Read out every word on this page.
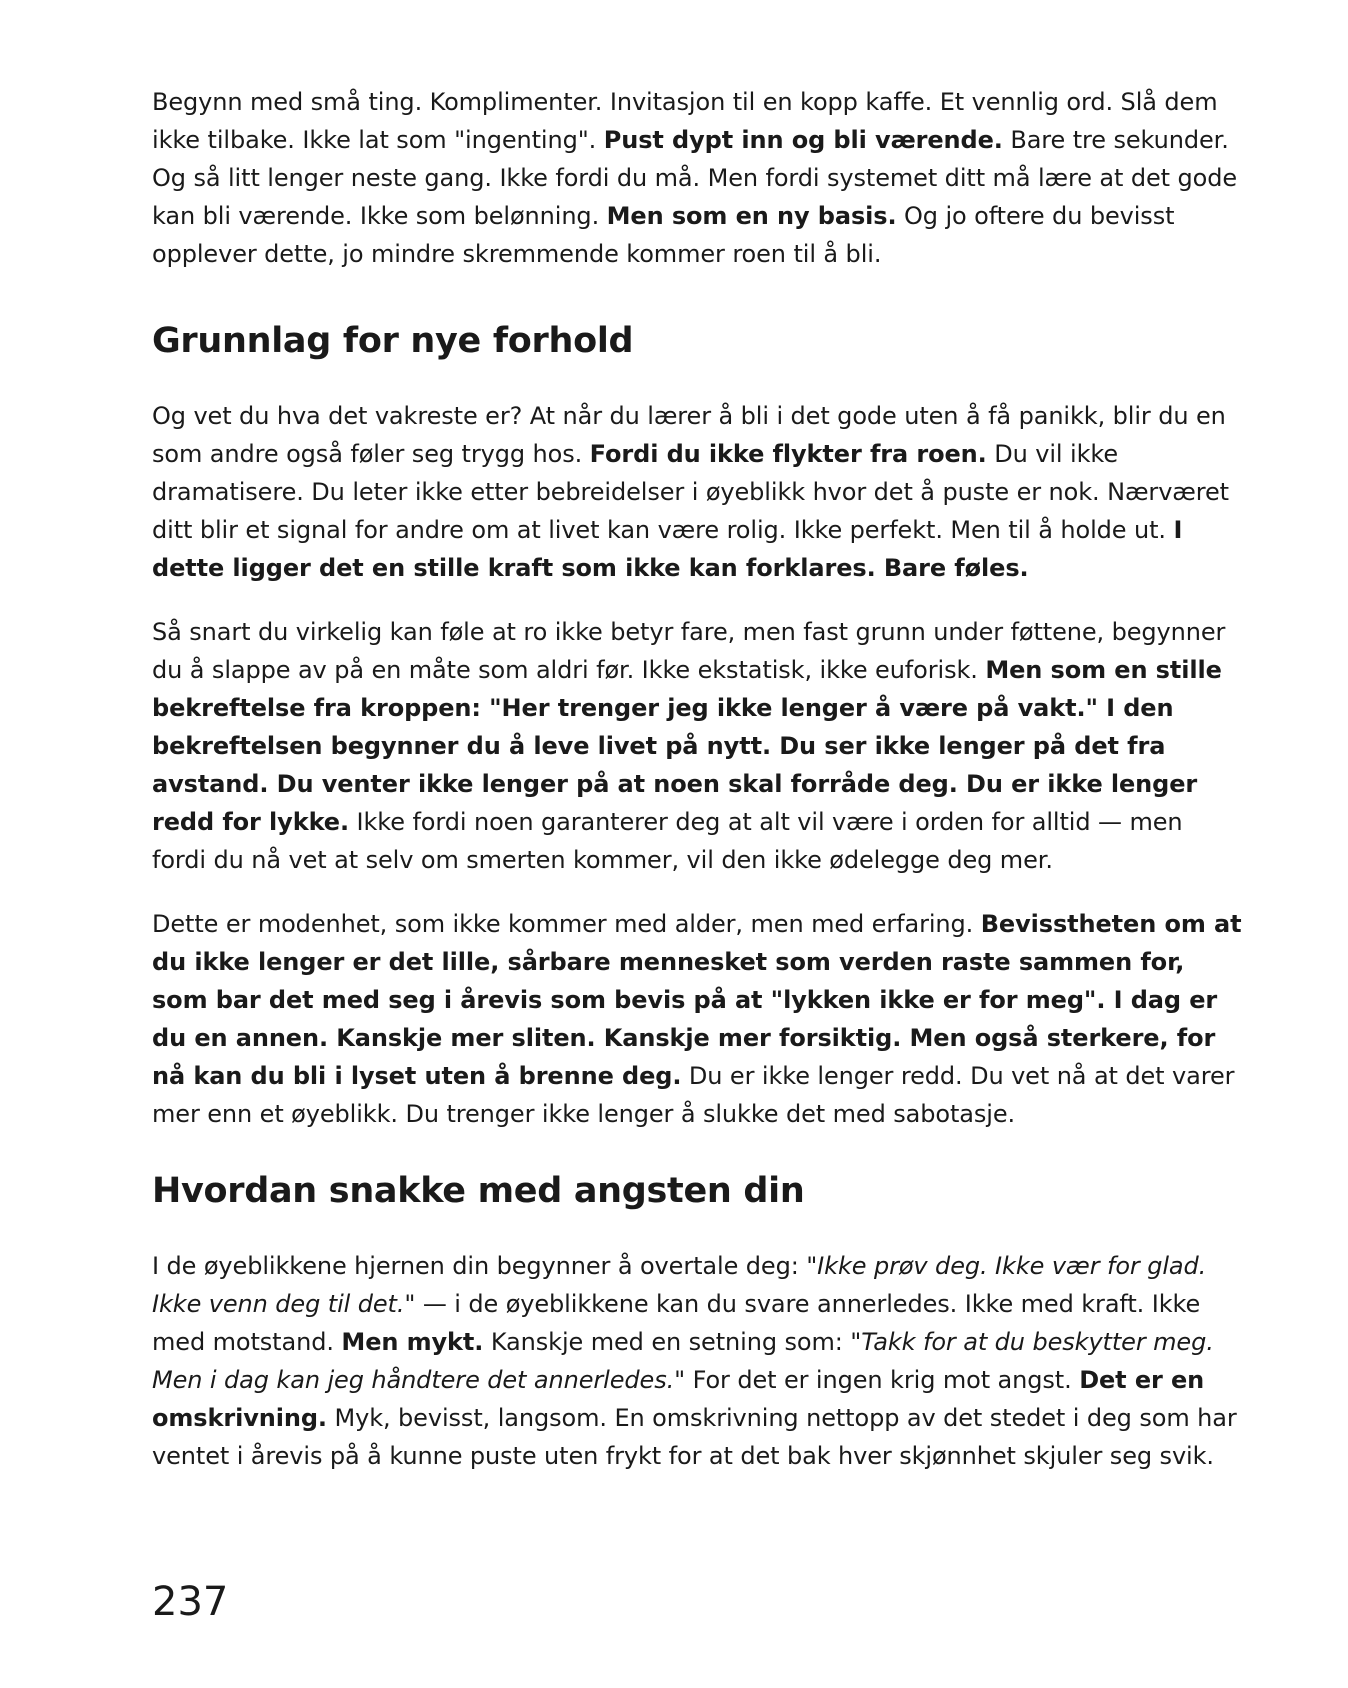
Begynn med små ting. Komplimenter. Invitasjon til en kopp kaffe. Et vennlig ord. Slå dem ikke tilbake. Ikke lat som "ingenting". Pust dypt inn og bli værende. Bare tre sekunder. Og så litt lenger neste gang. Ikke fordi du må. Men fordi systemet ditt må lære at det gode kan bli værende. Ikke som belønning. Men som en ny basis. Og jo oftere du bevisst opplever dette, jo mindre skremmende kommer roen til å bli.

Grunnlag for nye forhold

Og vet du hva det vakreste er? At når du lærer å bli i det gode uten å få panikk, blir du en som andre også føler seg trygg hos. Fordi du ikke flykter fra roen. Du vil ikke dramatisere. Du leter ikke etter bebreidelser i øyeblikk hvor det å puste er nok. Nærværet ditt blir et signal for andre om at livet kan være rolig. Ikke perfekt. Men til å holde ut. I dette ligger det en stille kraft som ikke kan forklares. Bare føles.

Så snart du virkelig kan føle at ro ikke betyr fare, men fast grunn under føttene, begynner du å slappe av på en måte som aldri før. Ikke ekstatisk, ikke euforisk. Men som en stille bekreftelse fra kroppen: "Her trenger jeg ikke lenger å være på vakt." I den bekreftelsen begynner du å leve livet på nytt. Du ser ikke lenger på det fra avstand. Du venter ikke lenger på at noen skal forråde deg. Du er ikke lenger redd for lykke. Ikke fordi noen garanterer deg at alt vil være i orden for alltid — men fordi du nå vet at selv om smerten kommer, vil den ikke ødelegge deg mer.

Dette er modenhet, som ikke kommer med alder, men med erfaring. Bevisstheten om at du ikke lenger er det lille, sårbare mennesket som verden raste sammen for, som bar det med seg i årevis som bevis på at "lykken ikke er for meg". I dag er du en annen. Kanskje mer sliten. Kanskje mer forsiktig. Men også sterkere, for nå kan du bli i lyset uten å brenne deg. Du er ikke lenger redd. Du vet nå at det varer mer enn et øyeblikk. Du trenger ikke lenger å slukke det med sabotasje.

Hvordan snakke med angsten din

I de øyeblikkene hjernen din begynner å overtale deg: "Ikke prøv deg. Ikke vær for glad. Ikke venn deg til det." — i de øyeblikkene kan du svare annerledes. Ikke med kraft. Ikke med motstand. Men mykt. Kanskje med en setning som: "Takk for at du beskytter meg. Men i dag kan jeg håndtere det annerledes." For det er ingen krig mot angst. Det er en omskrivning. Myk, bevisst, langsom. En omskrivning nettopp av det stedet i deg som har ventet i årevis på å kunne puste uten frykt for at det bak hver skjønnhet skjuler seg svik.

237
